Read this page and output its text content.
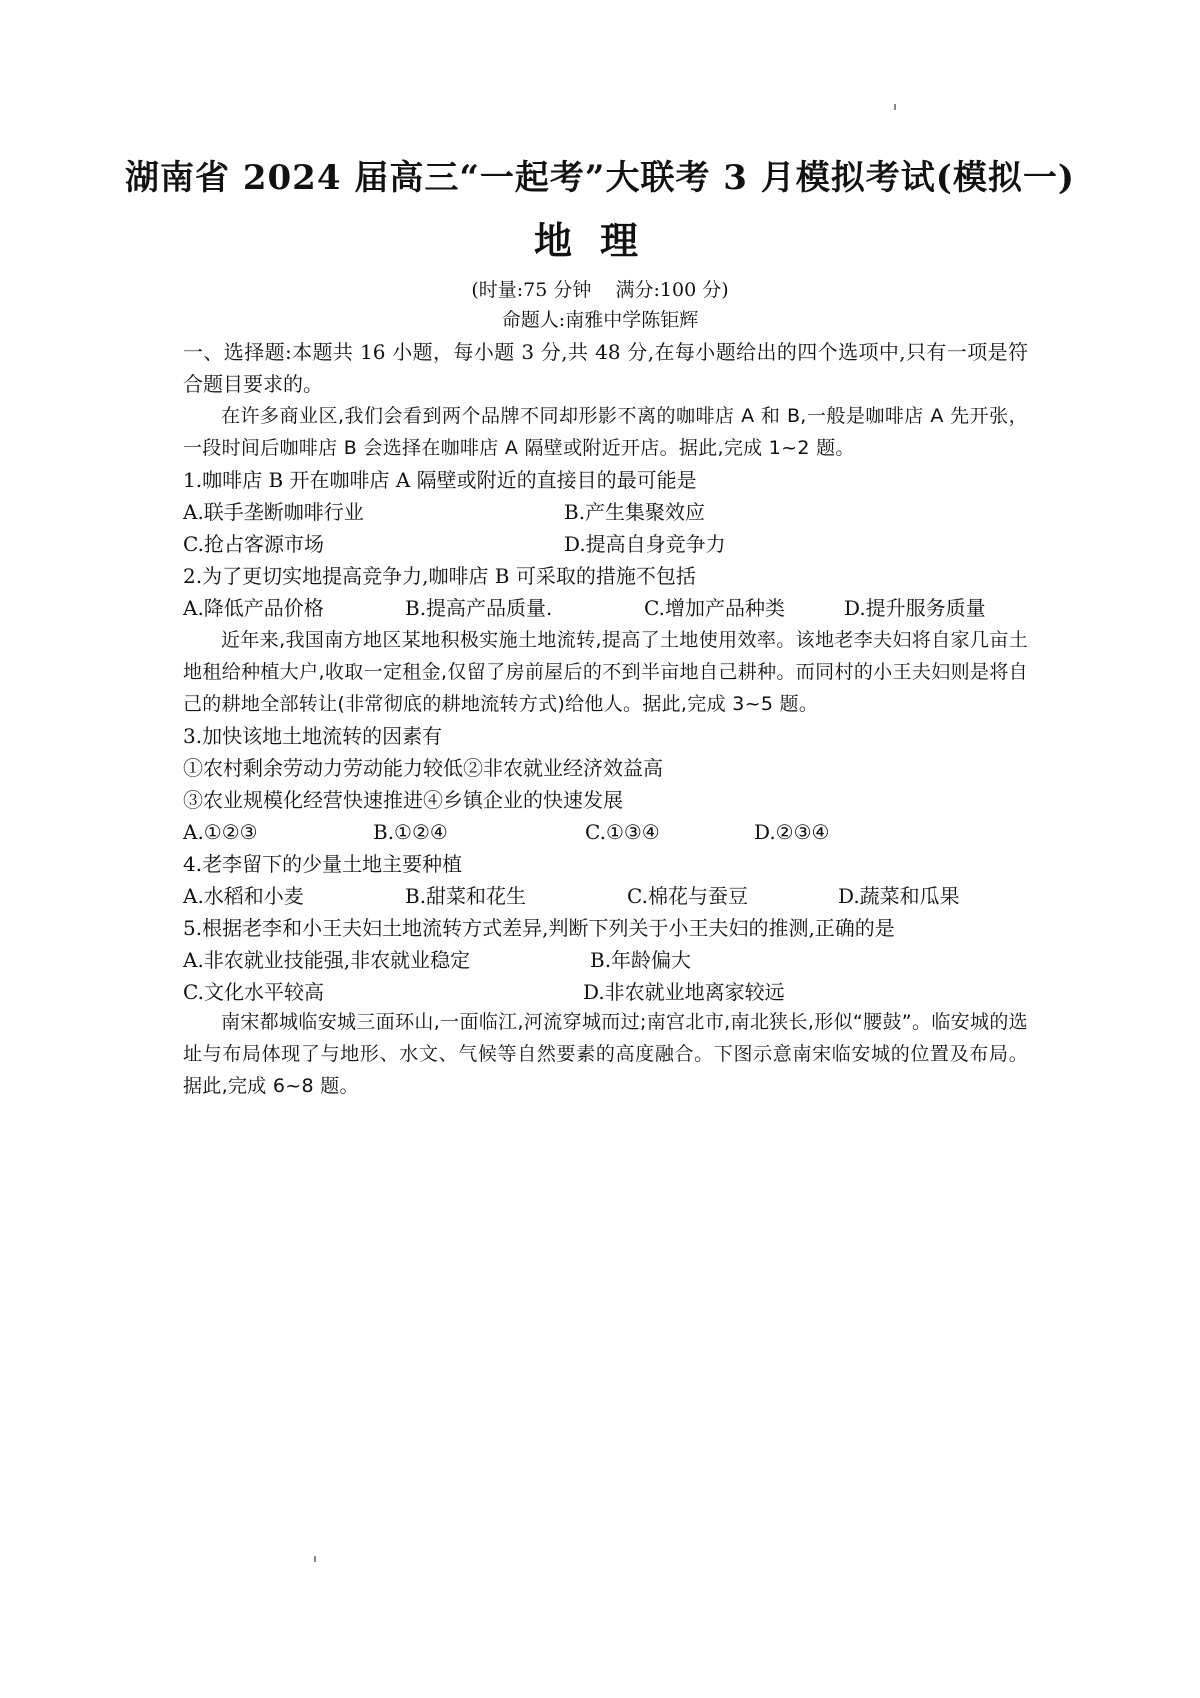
湖南省 2024 届高三“一起考”大联考 3 月模拟考试(模拟一)
地理
(时量:75 分钟    满分:100 分)
命题人:南雅中学陈钜辉
一、选择题:本题共 16 小题，每小题 3 分,共 48 分,在每小题给出的四个选项中,只有一项是符合题目要求的。
在许多商业区,我们会看到两个品牌不同却形影不离的咖啡店 A 和 B,一般是咖啡店 A 先开张，一段时间后咖啡店 B 会选择在咖啡店 A 隔壁或附近开店。据此,完成 1~2 题。
1.咖啡店 B 开在咖啡店 A 隔壁或附近的直接目的最可能是
A.联手垄断咖啡行业	B.产生集聚效应
C.抢占客源市场	D.提高自身竞争力
2.为了更切实地提高竞争力,咖啡店 B 可采取的措施不包括
A.降低产品价格	B.提高产品质量.	C.增加产品种类	D.提升服务质量
近年来,我国南方地区某地积极实施土地流转,提高了土地使用效率。该地老李夫妇将自家几亩土地租给种植大户,收取一定租金,仅留了房前屋后的不到半亩地自己耕种。而同村的小王夫妇则是将自己的耕地全部转让(非常彻底的耕地流转方式)给他人。据此,完成 3~5 题。
3.加快该地土地流转的因素有
①农村剩余劳动力劳动能力较低②非农就业经济效益高
③农业规模化经营快速推进④乡镇企业的快速发展
A.①②③	B.①②④	C.①③④	D.②③④
4.老李留下的少量土地主要种植
A.水稻和小麦	B.甜菜和花生	C.棉花与蚕豆	D.蔬菜和瓜果
5.根据老李和小王夫妇土地流转方式差异,判断下列关于小王夫妇的推测,正确的是
A.非农就业技能强,非农就业稳定	B.年龄偏大
C.文化水平较高	D.非农就业地离家较远
南宋都城临安城三面环山,一面临江,河流穿城而过;南宫北市,南北狭长,形似“腰鼓”。临安城的选址与布局体现了与地形、水文、气候等自然要素的高度融合。下图示意南宋临安城的位置及布局。据此,完成 6~8 题。
